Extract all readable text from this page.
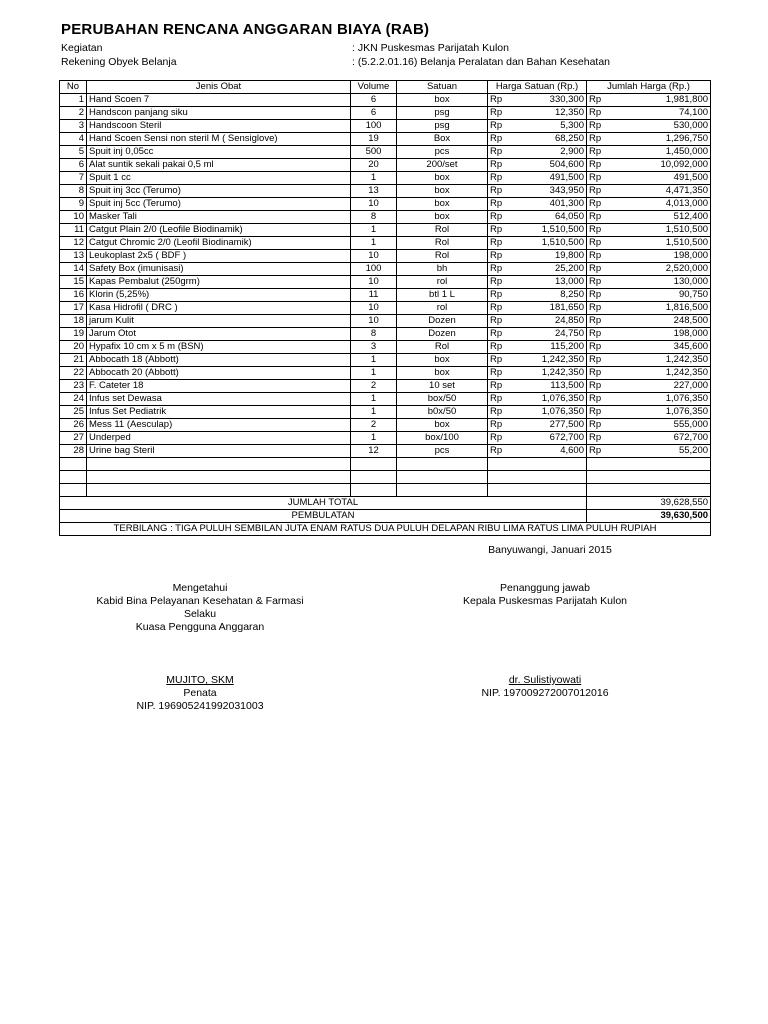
PERUBAHAN RENCANA ANGGARAN BIAYA (RAB)
Kegiatan	: JKN Puskesmas Parijatah Kulon
Rekening Obyek Belanja	: (5.2.2.01.16) Belanja Peralatan dan Bahan Kesehatan
No	Jenis Obat	Volume	Satuan	Harga Satuan (Rp.)		Jumlah Harga (Rp.)	
1	Hand Scoen 7	6	box	Rp	330,300	Rp	1,981,800
2	Handscon panjang siku	6	psg	Rp	12,350	Rp	74,100
3	Handscoon Steril	100	psg	Rp	5,300	Rp	530,000
4	Hand Scoen Sensi non steril M ( Sensiglove)	19	Box	Rp	68,250	Rp	1,296,750
5	Spuit inj 0,05cc	500	pcs	Rp	2,900	Rp	1,450,000
6	Alat suntik sekali pakai 0,5 ml	20	200/set	Rp	504,600	Rp	10,092,000
7	Spuit 1 cc	1	box	Rp	491,500	Rp	491,500
8	Spuit inj 3cc (Terumo)	13	box	Rp	343,950	Rp	4,471,350
9	Spuit inj 5cc (Terumo)	10	box	Rp	401,300	Rp	4,013,000
10	Masker Tali	8	box	Rp	64,050	Rp	512,400
11	Catgut Plain 2/0 (Leofile Biodinamik)	1	Rol	Rp	1,510,500	Rp	1,510,500
12	Catgut Chromic 2/0 (Leofil Biodinamik)	1	Rol	Rp	1,510,500	Rp	1,510,500
13	Leukoplast 2x5 ( BDF )	10	Rol	Rp	19,800	Rp	198,000
14	Safety Box (imunisasi)	100	bh	Rp	25,200	Rp	2,520,000
15	Kapas Pembalut (250grm)	10	rol	Rp	13,000	Rp	130,000
16	Klorin (5,25%)	11	btl 1 L	Rp	8,250	Rp	90,750
17	Kasa Hidrofil ( DRC )	10	rol	Rp	181,650	Rp	1,816,500
18	jarum Kulit	10	Dozen	Rp	24,850	Rp	248,500
19	Jarum Otot	8	Dozen	Rp	24,750	Rp	198,000
20	Hypafix 10 cm x 5 m (BSN)	3	Rol	Rp	115,200	Rp	345,600
21	Abbocath 18 (Abbott)	1	box	Rp	1,242,350	Rp	1,242,350
22	Abbocath 20 (Abbott)	1	box	Rp	1,242,350	Rp	1,242,350
23	F. Cateter 18	2	10 set	Rp	113,500	Rp	227,000
24	Infus set Dewasa	1	box/50	Rp	1,076,350	Rp	1,076,350
25	Infus Set Pediatrik	1	b0x/50	Rp	1,076,350	Rp	1,076,350
26	Mess 11 (Aesculap)	2	box	Rp	277,500	Rp	555,000
27	Underped	1	box/100	Rp	672,700	Rp	672,700
28	Urine bag Steril	12	pcs	Rp	4,600	Rp	55,200

JUMLAH TOTAL						39,628,550	
PEMBULATAN						39,630,500	
TERBILANG : TIGA PULUH SEMBILAN JUTA ENAM RATUS DUA PULUH DELAPAN RIBU LIMA RATUS LIMA PULUH RUPIAH							
Banyuwangi, Januari 2015
Mengetahui
Kabid Bina Pelayanan Kesehatan & Farmasi
Selaku
Kuasa Pengguna Anggaran
MUJITO, SKM
Penata
NIP. 196905241992031003
Penanggung jawab
Kepala Puskesmas Parijatah Kulon
dr. Sulistiyowati
NIP. 197009272007012016
